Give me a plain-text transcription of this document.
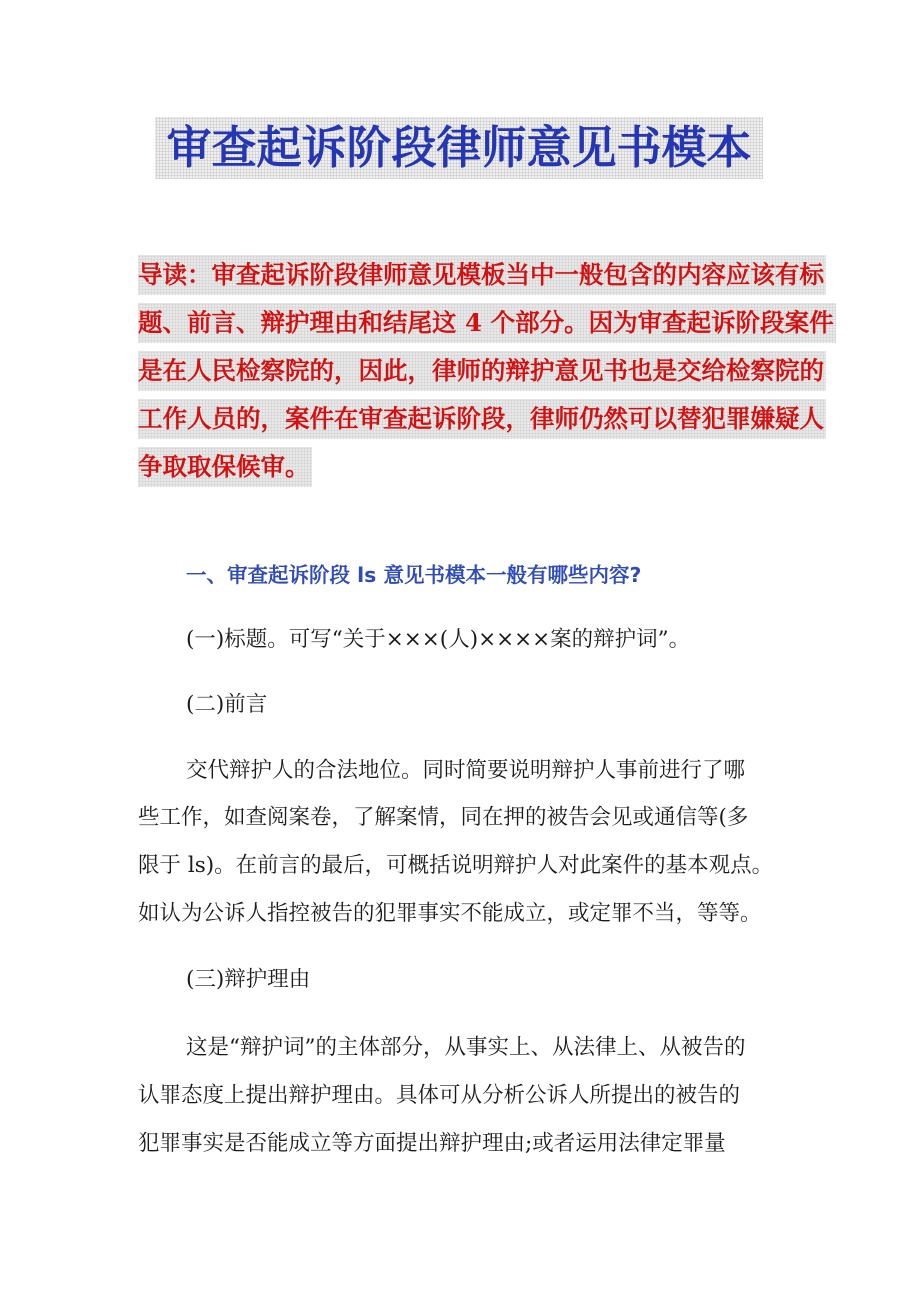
审查起诉阶段律师意见书模本
导读：审查起诉阶段律师意见模板当中一般包含的内容应该有标
题、前言、辩护理由和结尾这 4 个部分。因为审查起诉阶段案件
是在人民检察院的，因此，律师的辩护意见书也是交给检察院的
工作人员的，案件在审查起诉阶段，律师仍然可以替犯罪嫌疑人
争取取保候审。
一、审查起诉阶段 ls 意见书模本一般有哪些内容?
(一)标题。可写“关于×××(人)××××案的辩护词”。
(二)前言
交代辩护人的合法地位。同时简要说明辩护人事前进行了哪
些工作，如查阅案卷，了解案情，同在押的被告会见或通信等(多
限于 ls)。在前言的最后，可概括说明辩护人对此案件的基本观点。
如认为公诉人指控被告的犯罪事实不能成立，或定罪不当，等等。
(三)辩护理由
这是“辩护词”的主体部分，从事实上、从法律上、从被告的
认罪态度上提出辩护理由。具体可从分析公诉人所提出的被告的
犯罪事实是否能成立等方面提出辩护理由;或者运用法律定罪量
